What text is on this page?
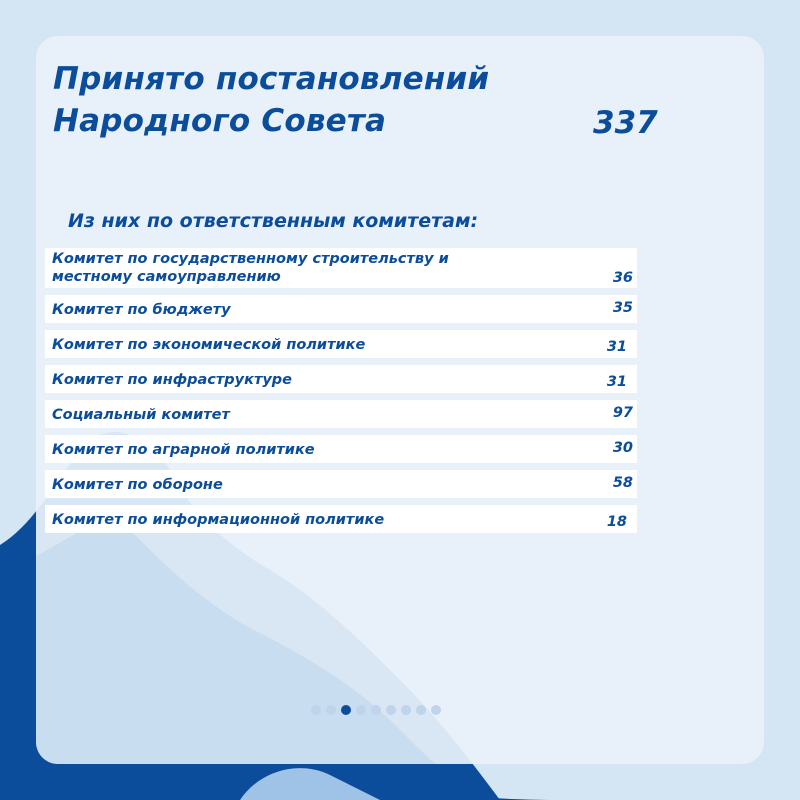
Принято постановлений
Народного Совета	337
Из них по ответственным комитетам:
Комитет по государственному строительству и
местному самоуправлению	36
Комитет по бюджету	35
Комитет по экономической политике	31
Комитет по инфраструктуре	31
Социальный комитет	97
Комитет по аграрной политике	30
Комитет по обороне	58
Комитет по информационной политике	18
